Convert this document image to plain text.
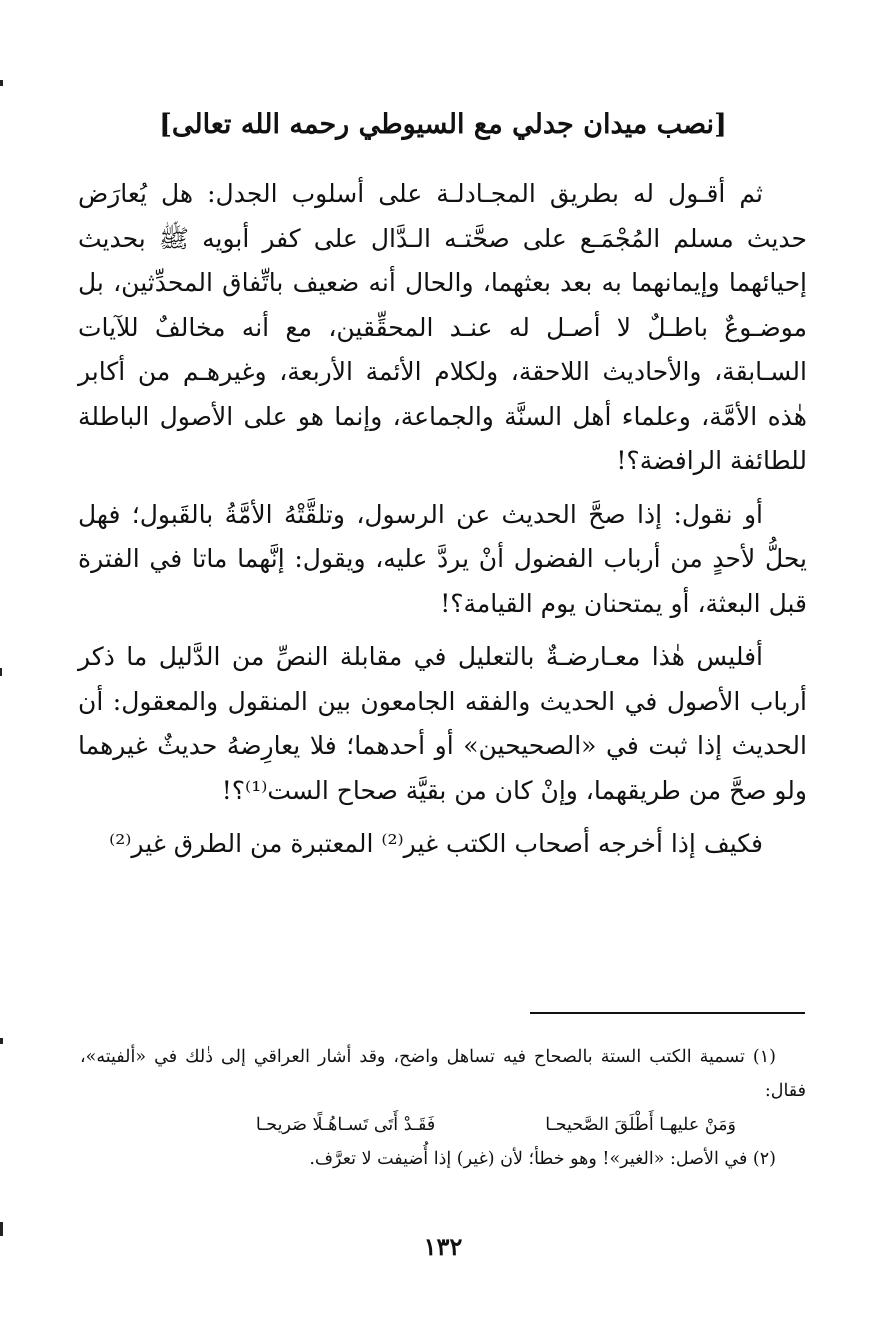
[نصب ميدان جدلي مع السيوطي رحمه الله تعالى]

ثم أقـول له بطريق المجـادلـة على أسلوب الجدل: هل يُعارَض حديث مسلم المُجْمَـع على صحَّتـه الـدَّال على كفر أبويه ﷺ بحديث إحيائهما وإيمانهما به بعد بعثهما، والحال أنه ضعيف باتِّفاق المحدِّثين، بل موضـوعٌ باطـلٌ لا أصـل له عنـد المحقِّقين، مع أنه مخالفٌ للآيات السـابقة، والأحاديث اللاحقة، ولكلام الأئمة الأربعة، وغيرهـم من أكابر هٰذه الأمَّة، وعلماء أهل السنَّة والجماعة، وإنما هو على الأصول الباطلة للطائفة الرافضة؟!

أو نقول: إذا صحَّ الحديث عن الرسول، وتلقَّتْهُ الأمَّةُ بالقَبول؛ فهل يحلُّ لأحدٍ من أرباب الفضول أنْ يردَّ عليه، ويقول: إنَّهما ماتا في الفترة قبل البعثة، أو يمتحنان يوم القيامة؟!

أفليس هٰذا معـارضـةٌ بالتعليل في مقابلة النصِّ من الدَّليل ما ذكر أرباب الأصول في الحديث والفقه الجامعون بين المنقول والمعقول: أن الحديث إذا ثبت في «الصحيحين» أو أحدهما؛ فلا يعارِضهُ حديثٌ غيرهما ولو صحَّ من طريقهما، وإنْ كان من بقيَّة صحاح الست⁽¹⁾؟!

فكيف إذا أخرجه أصحاب الكتب غير⁽²⁾ المعتبرة من الطرق غير⁽²⁾

(١) تسمية الكتب الستة بالصحاح فيه تساهل واضح، وقد أشار العراقي إلى ذٰلك في «ألفيته»، فقال:

وَمَنْ عليهـا أَطْلَقَ الصَّحيحـا
فَقَـدْ أَتَى تَسـاهُـلًا صَريحـا

(٢) في الأصل: «الغير»! وهو خطأ؛ لأن (غير) إذا أُضيفت لا تعرَّف.

١٣٢
